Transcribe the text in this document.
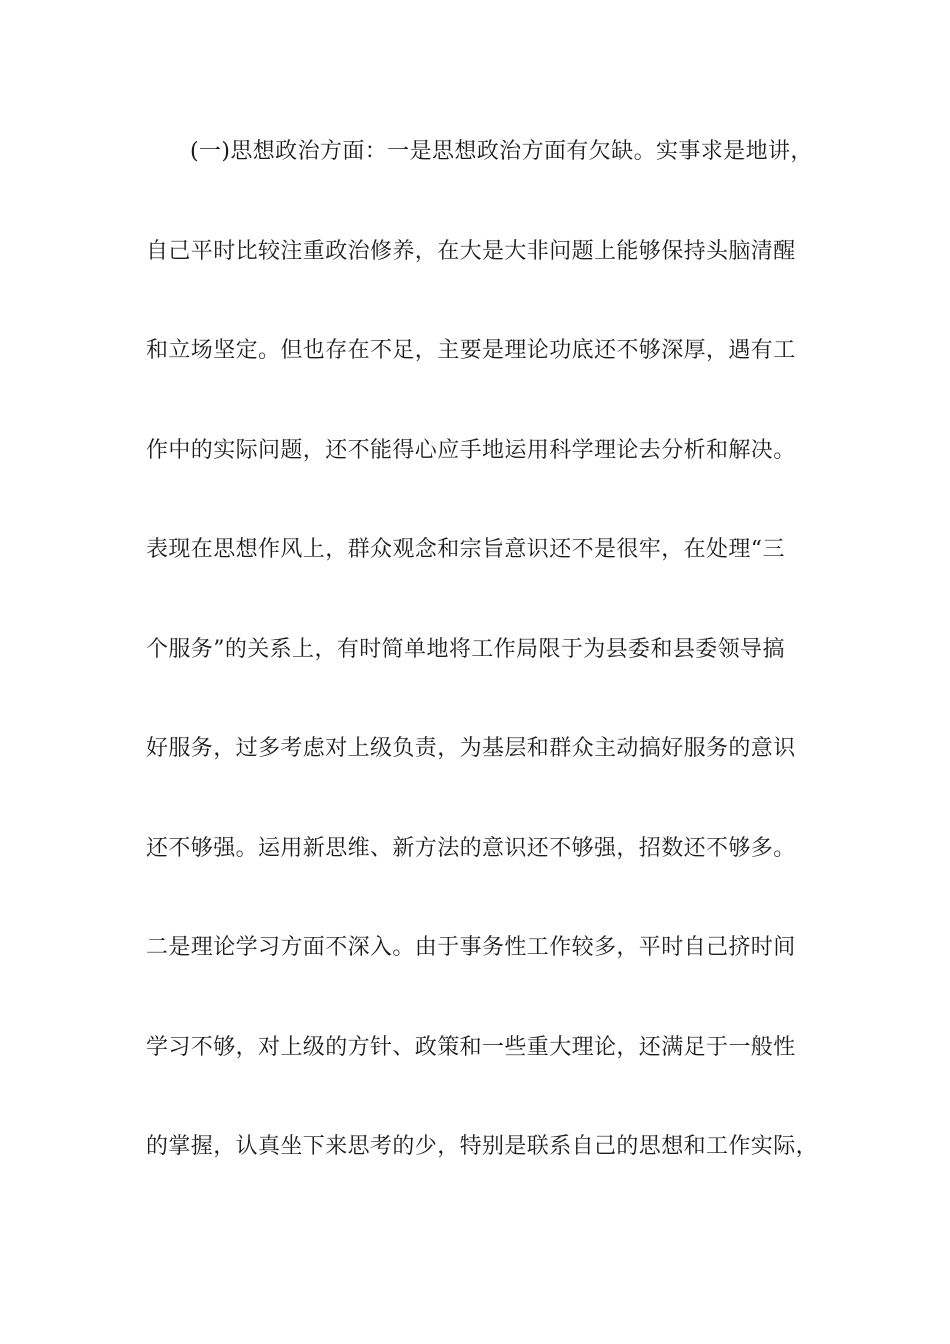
(一)思想政治方面：一是思想政治方面有欠缺。实事求是地讲，
自己平时比较注重政治修养，在大是大非问题上能够保持头脑清醒
和立场坚定。但也存在不足，主要是理论功底还不够深厚，遇有工
作中的实际问题，还不能得心应手地运用科学理论去分析和解决。
表现在思想作风上，群众观念和宗旨意识还不是很牢，在处理“三
个服务”的关系上，有时简单地将工作局限于为县委和县委领导搞
好服务，过多考虑对上级负责，为基层和群众主动搞好服务的意识
还不够强。运用新思维、新方法的意识还不够强，招数还不够多。
二是理论学习方面不深入。由于事务性工作较多，平时自己挤时间
学习不够，对上级的方针、政策和一些重大理论，还满足于一般性
的掌握，认真坐下来思考的少，特别是联系自己的思想和工作实际，
